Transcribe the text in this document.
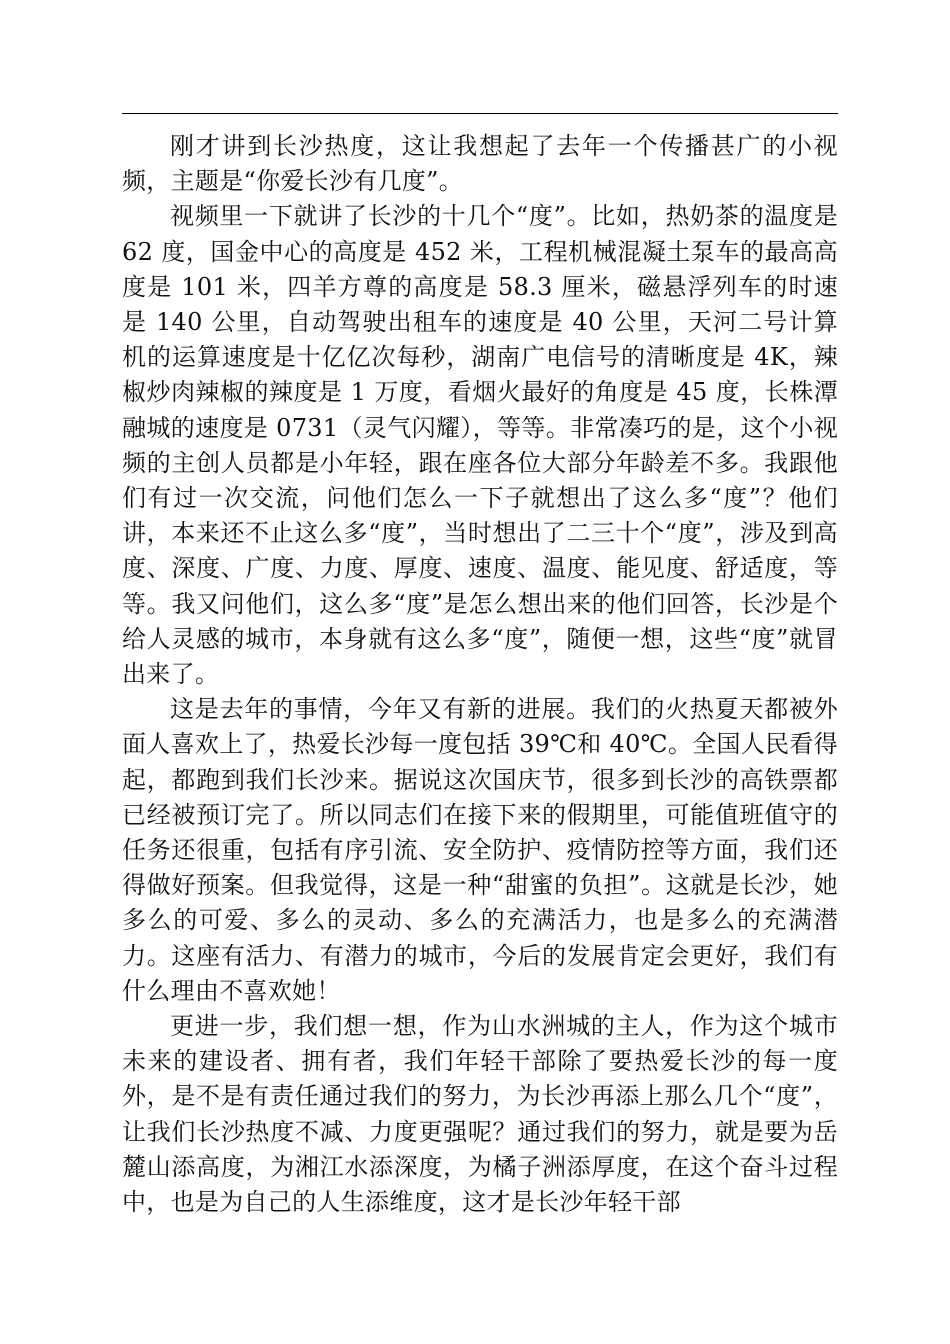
刚才讲到长沙热度，这让我想起了去年一个传播甚广的小视频，主题是“你爱长沙有几度”。

视频里一下就讲了长沙的十几个“度”。比如，热奶茶的温度是 62 度，国金中心的高度是 452 米，工程机械混凝土泵车的最高高度是 101 米，四羊方尊的高度是 58.3 厘米，磁悬浮列车的时速是 140 公里，自动驾驶出租车的速度是 40 公里，天河二号计算机的运算速度是十亿亿次每秒，湖南广电信号的清晰度是 4K，辣椒炒肉辣椒的辣度是 1 万度，看烟火最好的角度是 45 度，长株潭融城的速度是 0731（灵气闪耀），等等。非常凑巧的是，这个小视频的主创人员都是小年轻，跟在座各位大部分年龄差不多。我跟他们有过一次交流，问他们怎么一下子就想出了这么多“度”？他们讲，本来还不止这么多“度”，当时想出了二三十个“度”，涉及到高度、深度、广度、力度、厚度、速度、温度、能见度、舒适度，等等。我又问他们，这么多“度”是怎么想出来的他们回答，长沙是个给人灵感的城市，本身就有这么多“度”，随便一想，这些“度”就冒出来了。

这是去年的事情，今年又有新的进展。我们的火热夏天都被外面人喜欢上了，热爱长沙每一度包括 39℃和 40℃。全国人民看得起，都跑到我们长沙来。据说这次国庆节，很多到长沙的高铁票都已经被预订完了。所以同志们在接下来的假期里，可能值班值守的任务还很重，包括有序引流、安全防护、疫情防控等方面，我们还得做好预案。但我觉得，这是一种“甜蜜的负担”。这就是长沙，她多么的可爱、多么的灵动、多么的充满活力，也是多么的充满潜力。这座有活力、有潜力的城市，今后的发展肯定会更好，我们有什么理由不喜欢她！

更进一步，我们想一想，作为山水洲城的主人，作为这个城市未来的建设者、拥有者，我们年轻干部除了要热爱长沙的每一度外，是不是有责任通过我们的努力，为长沙再添上那么几个“度”，让我们长沙热度不减、力度更强呢？通过我们的努力，就是要为岳麓山添高度，为湘江水添深度，为橘子洲添厚度，在这个奋斗过程中，也是为自己的人生添维度，这才是长沙年轻干部
